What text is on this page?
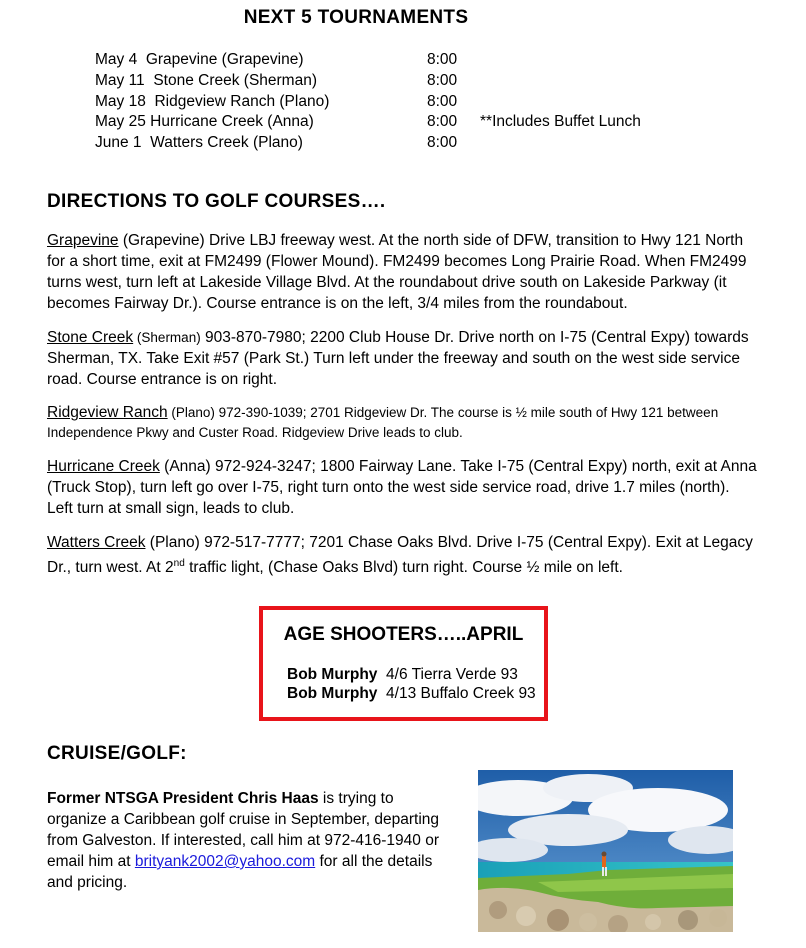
NEXT 5 TOURNAMENTS
May 4 Grapevine (Grapevine)	8:00
May 11 Stone Creek (Sherman)	8:00
May 18 Ridgeview Ranch (Plano)	8:00
May 25 Hurricane Creek (Anna)	8:00 **Includes Buffet Lunch
June 1 Watters Creek (Plano)	8:00
DIRECTIONS TO GOLF COURSES….
Grapevine (Grapevine) Drive LBJ freeway west. At the north side of DFW, transition to Hwy 121 North for a short time, exit at FM2499 (Flower Mound). FM2499 becomes Long Prairie Road. When FM2499 turns west, turn left at Lakeside Village Blvd. At the roundabout drive south on Lakeside Parkway (it becomes Fairway Dr.). Course entrance is on the left, 3/4 miles from the roundabout.
Stone Creek (Sherman) 903-870-7980; 2200 Club House Dr. Drive north on I-75 (Central Expy) towards Sherman, TX. Take Exit #57 (Park St.) Turn left under the freeway and south on the west side service road. Course entrance is on right.
Ridgeview Ranch (Plano) 972-390-1039; 2701 Ridgeview Dr. The course is ½ mile south of Hwy 121 between Independence Pkwy and Custer Road. Ridgeview Drive leads to club.
Hurricane Creek (Anna) 972-924-3247; 1800 Fairway Lane. Take I-75 (Central Expy) north, exit at Anna (Truck Stop), turn left go over I-75, right turn onto the west side service road, drive 1.7 miles (north). Left turn at small sign, leads to club.
Watters Creek (Plano) 972-517-7777; 7201 Chase Oaks Blvd. Drive I-75 (Central Expy). Exit at Legacy Dr., turn west. At 2nd traffic light, (Chase Oaks Blvd) turn right. Course ½ mile on left.
AGE SHOOTERS…..APRIL
Bob Murphy 4/6 Tierra Verde 93
Bob Murphy 4/13 Buffalo Creek 93
CRUISE/GOLF:
Former NTSGA President Chris Haas is trying to organize a Caribbean golf cruise in September, departing from Galveston. If interested, call him at 972-416-1940 or email him at brityank2002@yahoo.com for all the details and pricing.
